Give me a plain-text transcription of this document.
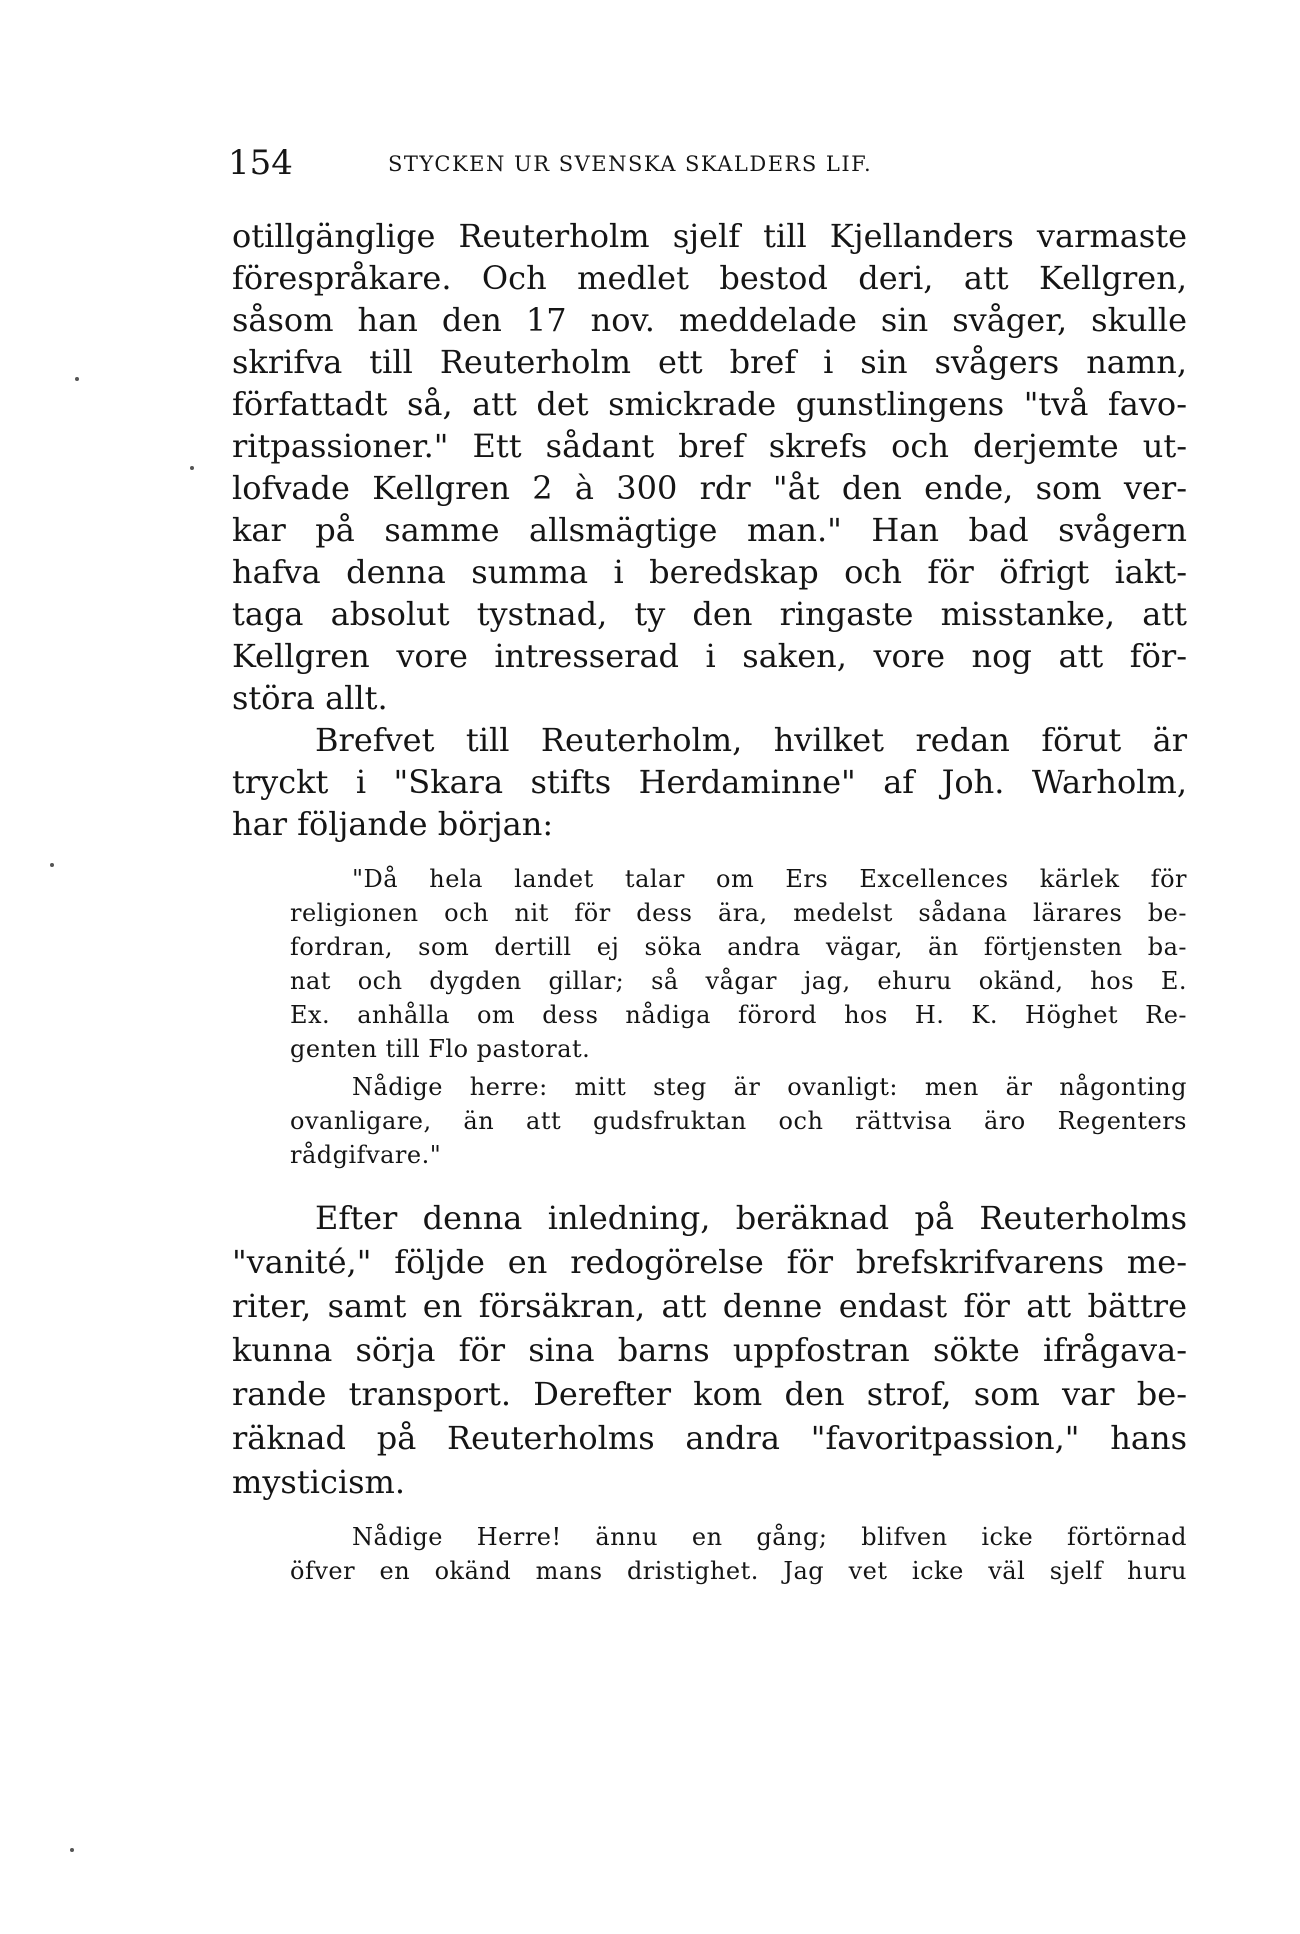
154	STYCKEN UR SVENSKA SKALDERS LIF.
otillgänglige Reuterholm sjelf till Kjellanders varmaste
förespråkare. Och medlet bestod deri, att Kellgren,
såsom han den 17 nov. meddelade sin svåger, skulle
skrifva till Reuterholm ett bref i sin svågers namn,
författadt så, att det smickrade gunstlingens "två favo-
ritpassioner." Ett sådant bref skrefs och derjemte ut-
lofvade Kellgren 2 à 300 rdr "åt den ende, som ver-
kar på samme allsmägtige man." Han bad svågern
hafva denna summa i beredskap och för öfrigt iakt-
taga absolut tystnad, ty den ringaste misstanke, att
Kellgren vore intresserad i saken, vore nog att för-
störa allt.
Brefvet till Reuterholm, hvilket redan förut är
tryckt i "Skara stifts Herdaminne" af Joh. Warholm,
har följande början:
"Då hela landet talar om Ers Excellences kärlek för
religionen och nit för dess ära, medelst sådana lärares be-
fordran, som dertill ej söka andra vägar, än förtjensten ba-
nat och dygden gillar; så vågar jag, ehuru okänd, hos E.
Ex. anhålla om dess nådiga förord hos H. K. Höghet Re-
genten till Flo pastorat.
Nådige herre: mitt steg är ovanligt: men är någonting
ovanligare, än att gudsfruktan och rättvisa äro Regenters
rådgifvare."
Efter denna inledning, beräknad på Reuterholms
"vanité," följde en redogörelse för brefskrifvarens me-
riter, samt en försäkran, att denne endast för att bättre
kunna sörja för sina barns uppfostran sökte ifrågava-
rande transport. Derefter kom den strof, som var be-
räknad på Reuterholms andra "favoritpassion," hans
mysticism.
Nådige Herre! ännu en gång; blifven icke förtörnad
öfver en okänd mans dristighet. Jag vet icke väl sjelf huru
